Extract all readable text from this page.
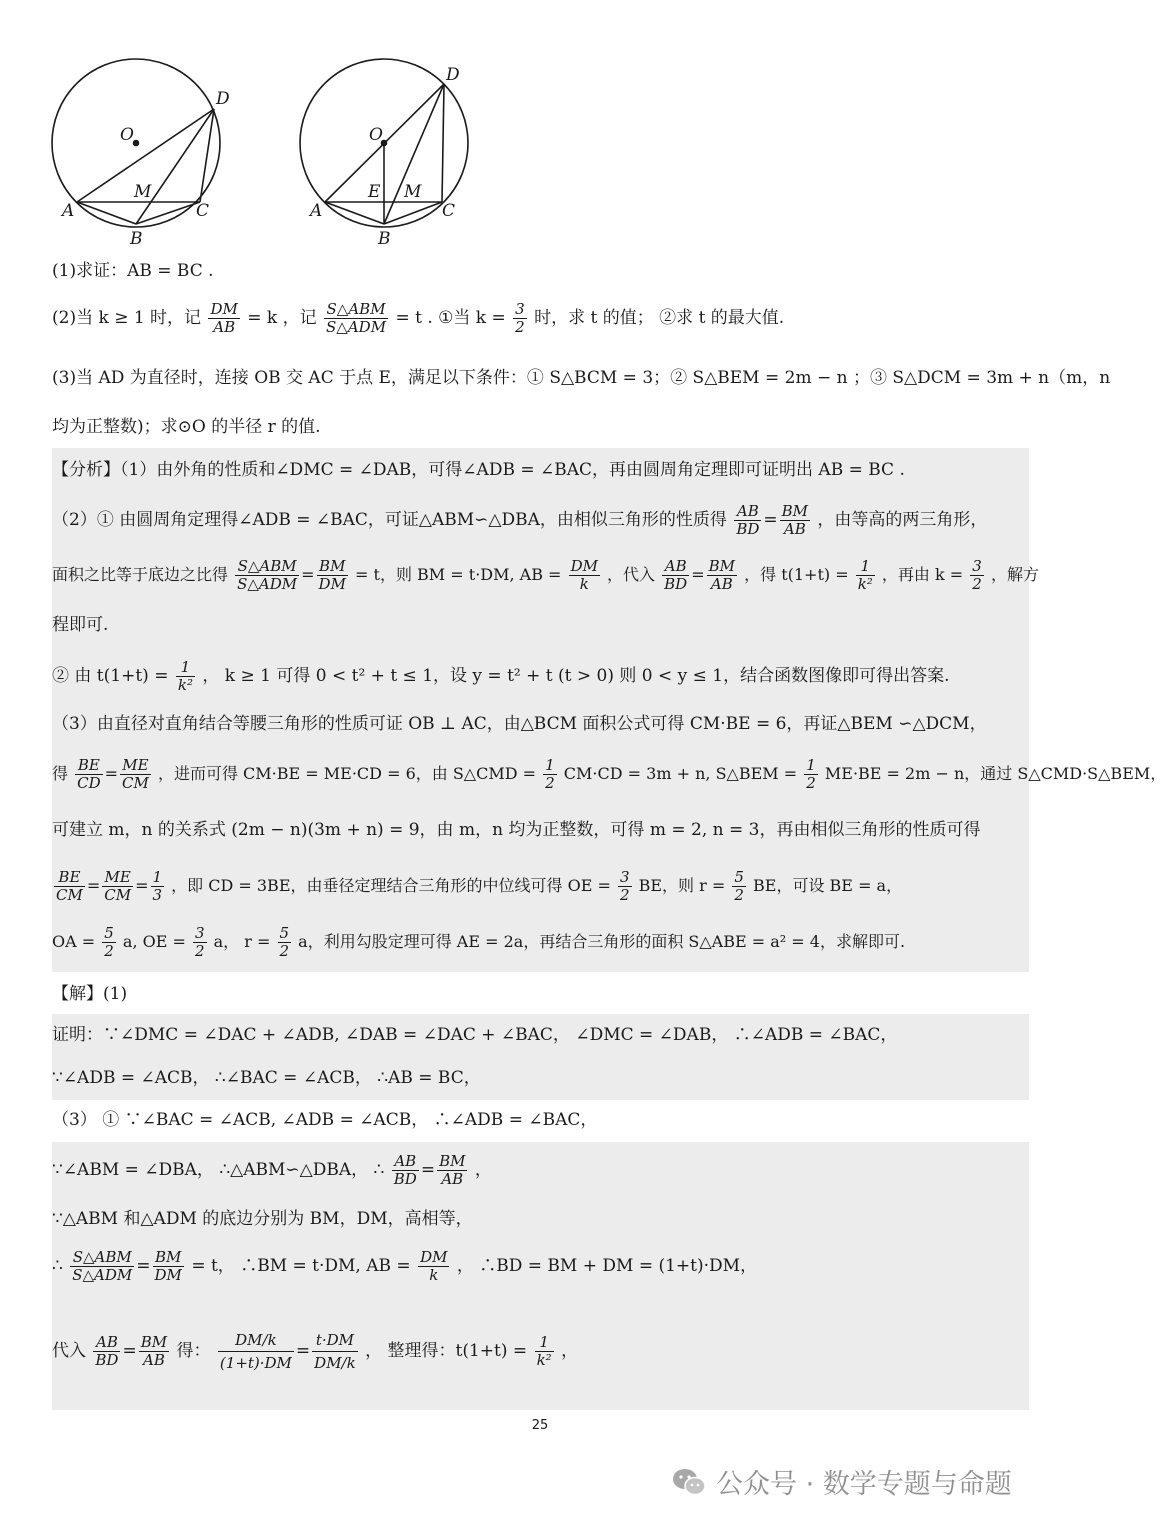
O
D
M
A
B
C
O
D
E M
A
B
C
(1)求证：AB = BC .
(2)当 k ≥ 1 时，记 $\frac{DM}{AB} = k$ ，记 $\frac{\text{S△ABM}}{\text{S△ADM}} = t$ . ①当 $k = \frac{3}{2}$ 时，求 t 的值； ②求 t 的最大值.
(3)当 AD 为直径时，连接 OB 交 AC 于点 E，满足以下条件：① S△BCM = 3；② S△BEM = 2m − n ；③ S△DCM = 3m + n（m，n
均为正整数)；求⊙O 的半径 r 的值.
【分析】（1）由外角的性质和∠DMC = ∠DAB，可得∠ADB = ∠BAC，再由圆周角定理即可证明出 AB = BC .
（2）① 由圆周角定理得∠ADB = ∠BAC，可证△ABM∽△DBA，由相似三角形的性质得 $\frac{AB}{BD} = \frac{BM}{AB}$ ，由等高的两三角形，
面积之比等于底边之比得 $\frac{\text{S△ABM}}{\text{S△ADM}} = \frac{BM}{DM} = t$，则 BM = t·DM, AB = $\frac{DM}{k}$ ，代入 $\frac{AB}{BD} = \frac{BM}{AB}$ ，得 $t(1+t) = \frac{1}{\text{k²}}$ ，再由 $k = \frac{3}{2}$ ，解方
程即可.
② 由 $t(1+t) = \frac{1}{\text{k²}}$ ， k ≥ 1 可得 0 < t² + t ≤ 1，设 y = t² + t (t > 0) 则 0 < y ≤ 1，结合函数图像即可得出答案.
（3）由直径对直角结合等腰三角形的性质可证 OB ⊥ AC，由△BCM 面积公式可得 CM·BE = 6，再证△BEM ∽△DCM，
得 $\frac{BE}{CD} = \frac{ME}{CM}$ ，进而可得 CM·BE = ME·CD = 6，由 S△CMD = $\frac{1}{2} CM\cdot CD = 3m + n$, S△BEM = $\frac{1}{2} ME\cdot BE = 2m - n$，通过 S△CMD·S△BEM，
可建立 m，n 的关系式 (2m − n)(3m + n) = 9，由 m，n 均为正整数，可得 m = 2, n = 3，再由相似三角形的性质可得
$\frac{BE}{CM} = \frac{ME}{CM} = \frac{1}{3}$ ，即 CD = 3BE，由垂径定理结合三角形的中位线可得 OE = $\frac{3}{2}$ BE，则 $r = \frac{5}{2}$ BE，可设 BE = a，
OA = $\frac{5}{2} a$, OE = $\frac{3}{2}$ a， $r = \frac{5}{2}$ a，利用勾股定理可得 AE = 2a，再结合三角形的面积 S△ABE = a² = 4，求解即可.
【解】(1)
证明：∵∠DMC = ∠DAC + ∠ADB, ∠DAB = ∠DAC + ∠BAC， ∠DMC = ∠DAB， ∴∠ADB = ∠BAC，
∵∠ADB = ∠ACB， ∴∠BAC = ∠ACB， ∴AB = BC，
（3） ① ∵∠BAC = ∠ACB, ∠ADB = ∠ACB， ∴∠ADB = ∠BAC，
∵∠ABM = ∠DBA， ∴△ABM∽△DBA， ∴ $\frac{AB}{BD} = \frac{BM}{AB}$ ，
∵△ABM 和△ADM 的底边分别为 BM，DM，高相等，
∴ $\frac{\text{S△ABM}}{\text{S△ADM}} = \frac{BM}{DM} = t$， ∴BM = t·DM, AB = $\frac{DM}{k}$ ， ∴BD = BM + DM = (1+t)·DM，
代入 $\frac{AB}{BD} = \frac{BM}{AB}$ 得： $\frac{DM/k}{(1+t)\cdot DM} = \frac{t\cdot DM}{DM/k}$ ， 整理得：$t(1+t) = \frac{1}{\text{k²}}$ ，
25
公众号 · 数学专题与命题
